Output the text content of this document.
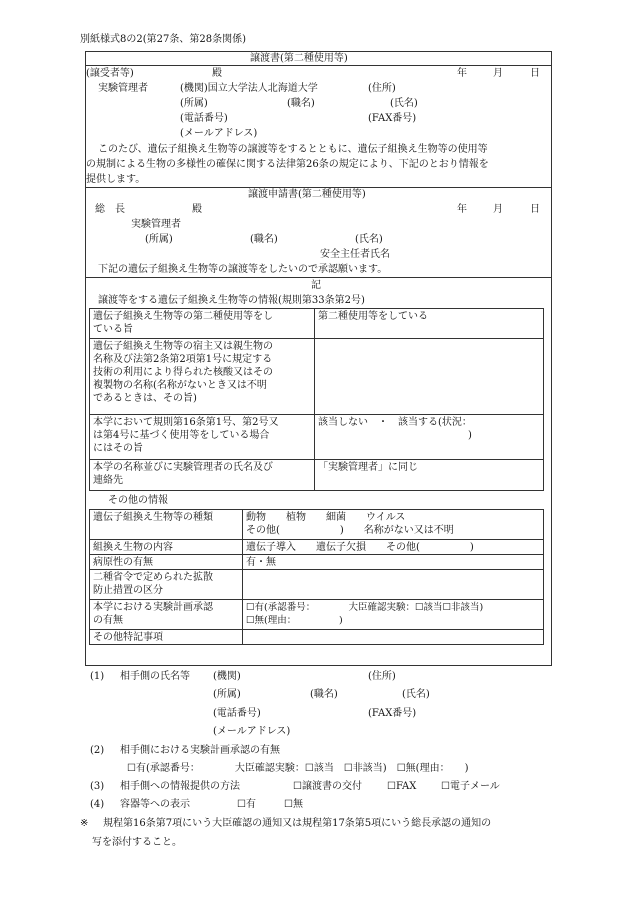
別紙様式8の2(第27条、第28条関係)
譲渡書(第二種使用等)
(譲受者等)	殿	年	月	日
実験管理者	(機関)国立大学法人北海道大学	(住所)
(所属)	(職名)	(氏名)
(電話番号)	(FAX番号)
(メールアドレス)
このたび、遺伝子組換え生物等の譲渡等をするとともに、遺伝子組換え生物等の使用等
の規制による生物の多様性の確保に関する法律第26条の規定により、下記のとおり情報を
提供します。
譲渡申請書(第二種使用等)
総　長	殿	年	月	日
実験管理者
(所属)	(職名)	(氏名)
安全主任者氏名
下記の遺伝子組換え生物等の譲渡等をしたいので承認願います。
記
譲渡等をする遺伝子組換え生物等の情報(規則第33条第2号)
遺伝子組換え生物等の第二種使用等をし
ている旨	第二種使用等をしている
遺伝子組換え生物等の宿主又は親生物の
名称及び法第2条第2項第1号に規定する
技術の利用により得られた核酸又はその
複製物の名称(名称がないとき又は不明
であるときは、その旨)	
本学において規則第16条第1号、第2号又
は第4号に基づく使用等をしている場合
にはその旨	該当しない　・　該当する(状況：
　　　　　　　　　　　　　　　)
本学の名称並びに実験管理者の氏名及び
連絡先	「実験管理者」に同じ
その他の情報
遺伝子組換え生物等の種類	動物　　植物　　細菌　　ウイルス
その他(　　　　　　)　　名称がない又は不明
組換え生物の内容	遺伝子導入　　遺伝子欠損　　その他(　　　　　)
病原性の有無	有・無
二種省令で定められた拡散
防止措置の区分	
本学における実験計画承認
の有無	☐有(承認番号：　　　　大臣確認実験：☐該当☐非該当)
☐無(理由：　　　　　)
その他特記事項	
(1) 相手側の氏名等 (機関)	(住所)
(所属)	(職名)	(氏名)
(電話番号)	(FAX番号)
(メールアドレス)
(2) 相手側における実験計画承認の有無
☐有(承認番号：　　　　大臣確認実験：☐該当　☐非該当)　☐無(理由：　　)
(3) 相手側への情報提供の方法	☐譲渡書の交付	☐FAX ☐電子メール
(4) 容器等への表示	☐有	☐無
※ 規程第16条第7項にいう大臣確認の通知又は規程第17条第5項にいう総長承認の通知の
写を添付すること。
